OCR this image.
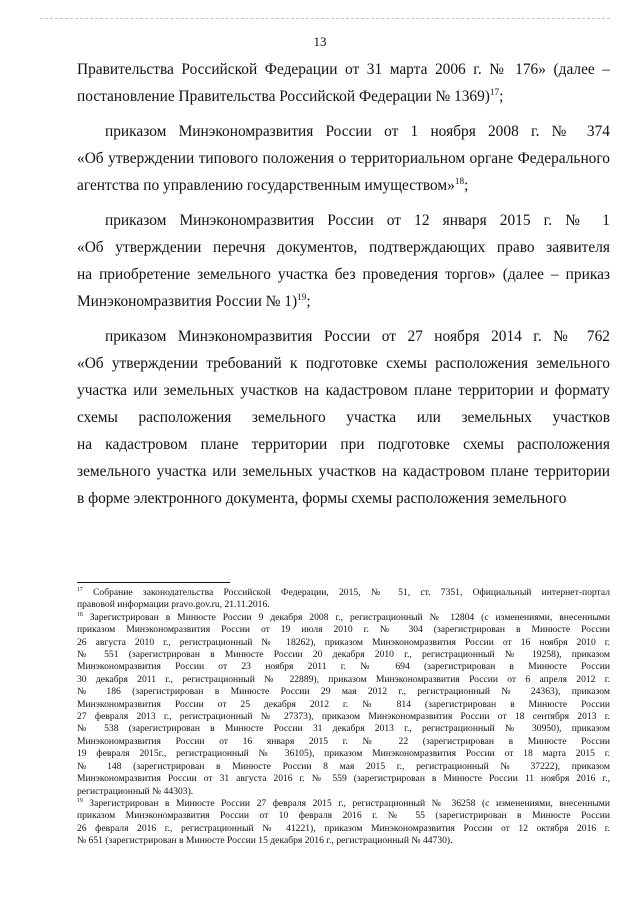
13

Правительства Российской Федерации от 31 марта 2006 г. № 176» (далее –
постановление Правительства Российской Федерации № 1369)$^{17}$;

приказом Минэкономразвития России от 1 ноября 2008 г. № 374
«Об утверждении типового положения о территориальном органе Федерального
агентства по управлению государственным имуществом»$^{18}$;

приказом Минэкономразвития России от 12 января 2015 г. № 1
«Об утверждении перечня документов, подтверждающих право заявителя
на приобретение земельного участка без проведения торгов» (далее – приказ
Минэкономразвития России № 1)$^{19}$;

приказом Минэкономразвития России от 27 ноября 2014 г. № 762
«Об утверждении требований к подготовке схемы расположения земельного
участка или земельных участков на кадастровом плане территории и формату
схемы расположения земельного участка или земельных участков
на кадастровом плане территории при подготовке схемы расположения
земельного участка или земельных участков на кадастровом плане территории
в форме электронного документа, формы схемы расположения земельного

$^{17}$ Собрание законодательства Российской Федерации, 2015, № 51, ст. 7351, Официальный интернет-портал
правовой информации pravo.gov.ru, 21.11.2016.
$^{18}$ Зарегистрирован в Минюсте России 9 декабря 2008 г., регистрационный № 12804 (с изменениями, внесенными
приказом Минэкономразвития России от 19 июля 2010 г. № 304 (зарегистрирован в Минюсте России
26 августа 2010 г., регистрационный № 18262), приказом Минэкономразвития России от 16 ноября 2010 г.
№ 551 (зарегистрирован в Минюсте России 20 декабря 2010 г., регистрационный № 19258), приказом
Минэкономразвития России от 23 ноября 2011 г. № 694 (зарегистрирован в Минюсте России
30 декабря 2011 г., регистрационный № 22889), приказом Минэкономразвития России от 6 апреля 2012 г.
№ 186 (зарегистрирован в Минюсте России 29 мая 2012 г., регистрационный № 24363), приказом
Минэкономразвития России от 25 декабря 2012 г. № 814 (зарегистрирован в Минюсте России
27 февраля 2013 г., регистрационный № 27373), приказом Минэкономразвития России от 18 сентября 2013 г.
№ 538 (зарегистрирован в Минюсте России 31 декабря 2013 г., регистрационный № 30950), приказом
Минэкономразвития России от 16 января 2015 г. № 22 (зарегистрирован в Минюсте России
19 февраля 2015г., регистрационный № 36105), приказом Минэкономразвития России от 18 марта 2015 г.
№ 148 (зарегистрирован в Минюсте России 8 мая 2015 г., регистрационный № 37222), приказом
Минэкономразвития России от 31 августа 2016 г. № 559 (зарегистрирован в Минюсте России 11 ноября 2016 г.,
регистрационный № 44303).
$^{19}$ Зарегистрирован в Минюсте России 27 февраля 2015 г., регистрационный № 36258 (с изменениями, внесенными
приказом Минэкономразвития России от 10 февраля 2016 г. № 55 (зарегистрирован в Минюсте России
26 февраля 2016 г., регистрационный № 41221), приказом Минэкономразвития России от 12 октября 2016 г.
№ 651 (зарегистрирован в Минюсте России 15 декабря 2016 г., регистрационный № 44730).
